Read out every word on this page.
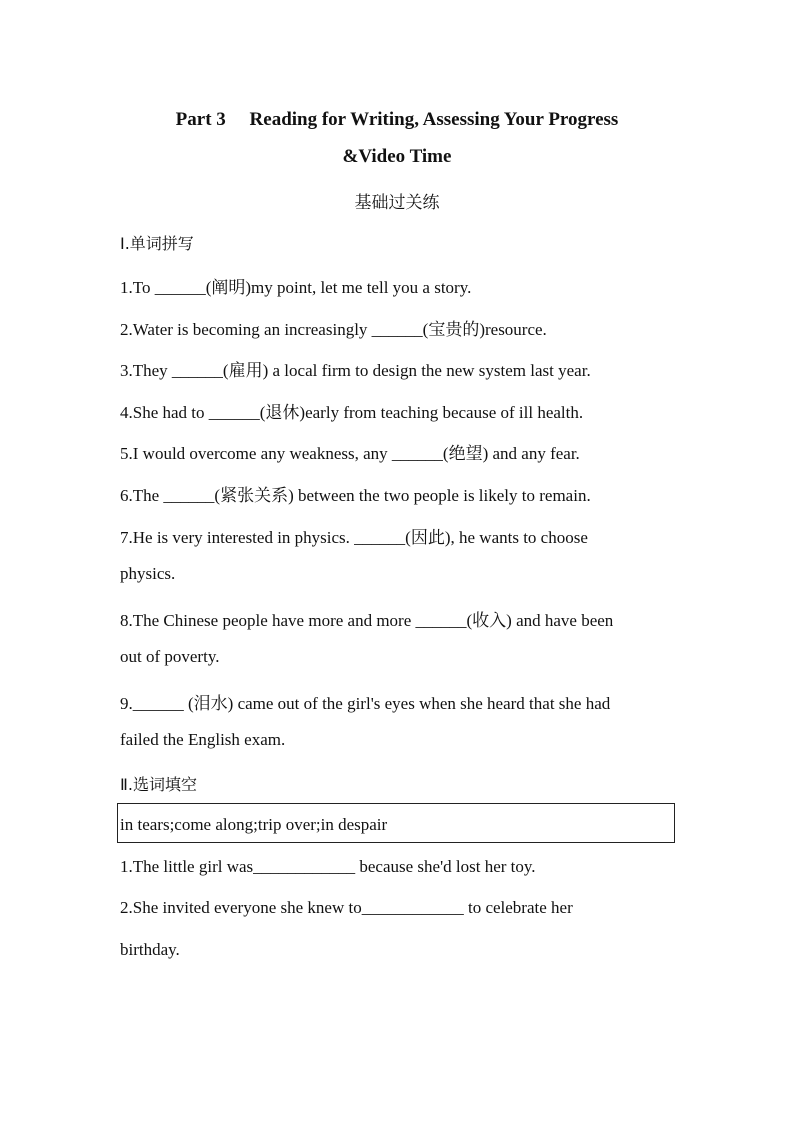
Part 3 　Reading for Writing, Assessing Your Progress
&Video Time
基础过关练
Ⅰ.单词拼写
1.To ______(阐明)my point, let me tell you a story.
2.Water is becoming an increasingly ______(宝贵的)resource.
3.They ______(雇用) a local firm to design the new system last year.
4.She had to ______(退休)early from teaching because of ill health.
5.I would overcome any weakness, any ______(绝望) and any fear.
6.The ______(紧张关系) between the two people is likely to remain.
7.He is very interested in physics. ______(因此), he wants to choose
physics.
8.The Chinese people have more and more ______(收入) and have been
out of poverty.
9.______ (泪水) came out of the girl's eyes when she heard that she had
failed the English exam.
Ⅱ.选词填空
in tears;come along;trip over;in despair
1.The little girl was____________ because she'd lost her toy.
2.She invited everyone she knew to____________ to celebrate her
birthday.
